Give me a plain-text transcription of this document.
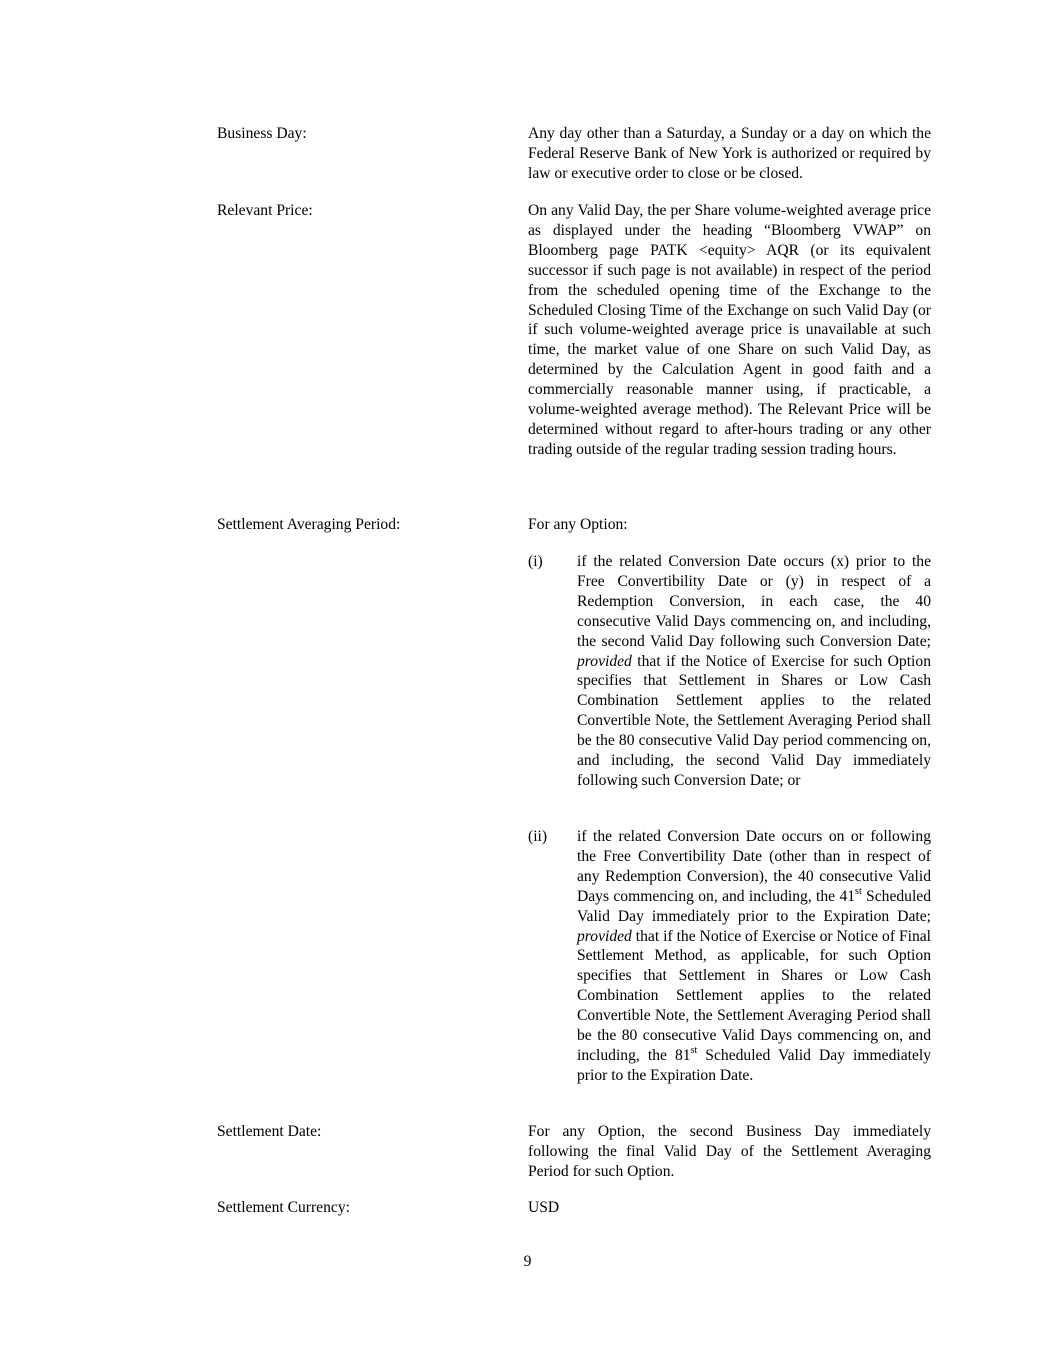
Business Day:	Any day other than a Saturday, a Sunday or a day on which the Federal Reserve Bank of New York is authorized or required by law or executive order to close or be closed.
Relevant Price:	On any Valid Day, the per Share volume-weighted average price as displayed under the heading “Bloomberg VWAP” on Bloomberg page PATK <equity> AQR (or its equivalent successor if such page is not available) in respect of the period from the scheduled opening time of the Exchange to the Scheduled Closing Time of the Exchange on such Valid Day (or if such volume-weighted average price is unavailable at such time, the market value of one Share on such Valid Day, as determined by the Calculation Agent in good faith and a commercially reasonable manner using, if practicable, a volume-weighted average method). The Relevant Price will be determined without regard to after-hours trading or any other trading outside of the regular trading session trading hours.
Settlement Averaging Period:	For any Option:
(i)	if the related Conversion Date occurs (x) prior to the Free Convertibility Date or (y) in respect of a Redemption Conversion, in each case, the 40 consecutive Valid Days commencing on, and including, the second Valid Day following such Conversion Date; provided that if the Notice of Exercise for such Option specifies that Settlement in Shares or Low Cash Combination Settlement applies to the related Convertible Note, the Settlement Averaging Period shall be the 80 consecutive Valid Day period commencing on, and including, the second Valid Day immediately following such Conversion Date; or
(ii)	if the related Conversion Date occurs on or following the Free Convertibility Date (other than in respect of any Redemption Conversion), the 40 consecutive Valid Days commencing on, and including, the 41st Scheduled Valid Day immediately prior to the Expiration Date; provided that if the Notice of Exercise or Notice of Final Settlement Method, as applicable, for such Option specifies that Settlement in Shares or Low Cash Combination Settlement applies to the related Convertible Note, the Settlement Averaging Period shall be the 80 consecutive Valid Days commencing on, and including, the 81st Scheduled Valid Day immediately prior to the Expiration Date.
Settlement Date:	For any Option, the second Business Day immediately following the final Valid Day of the Settlement Averaging Period for such Option.
Settlement Currency:	USD
9
